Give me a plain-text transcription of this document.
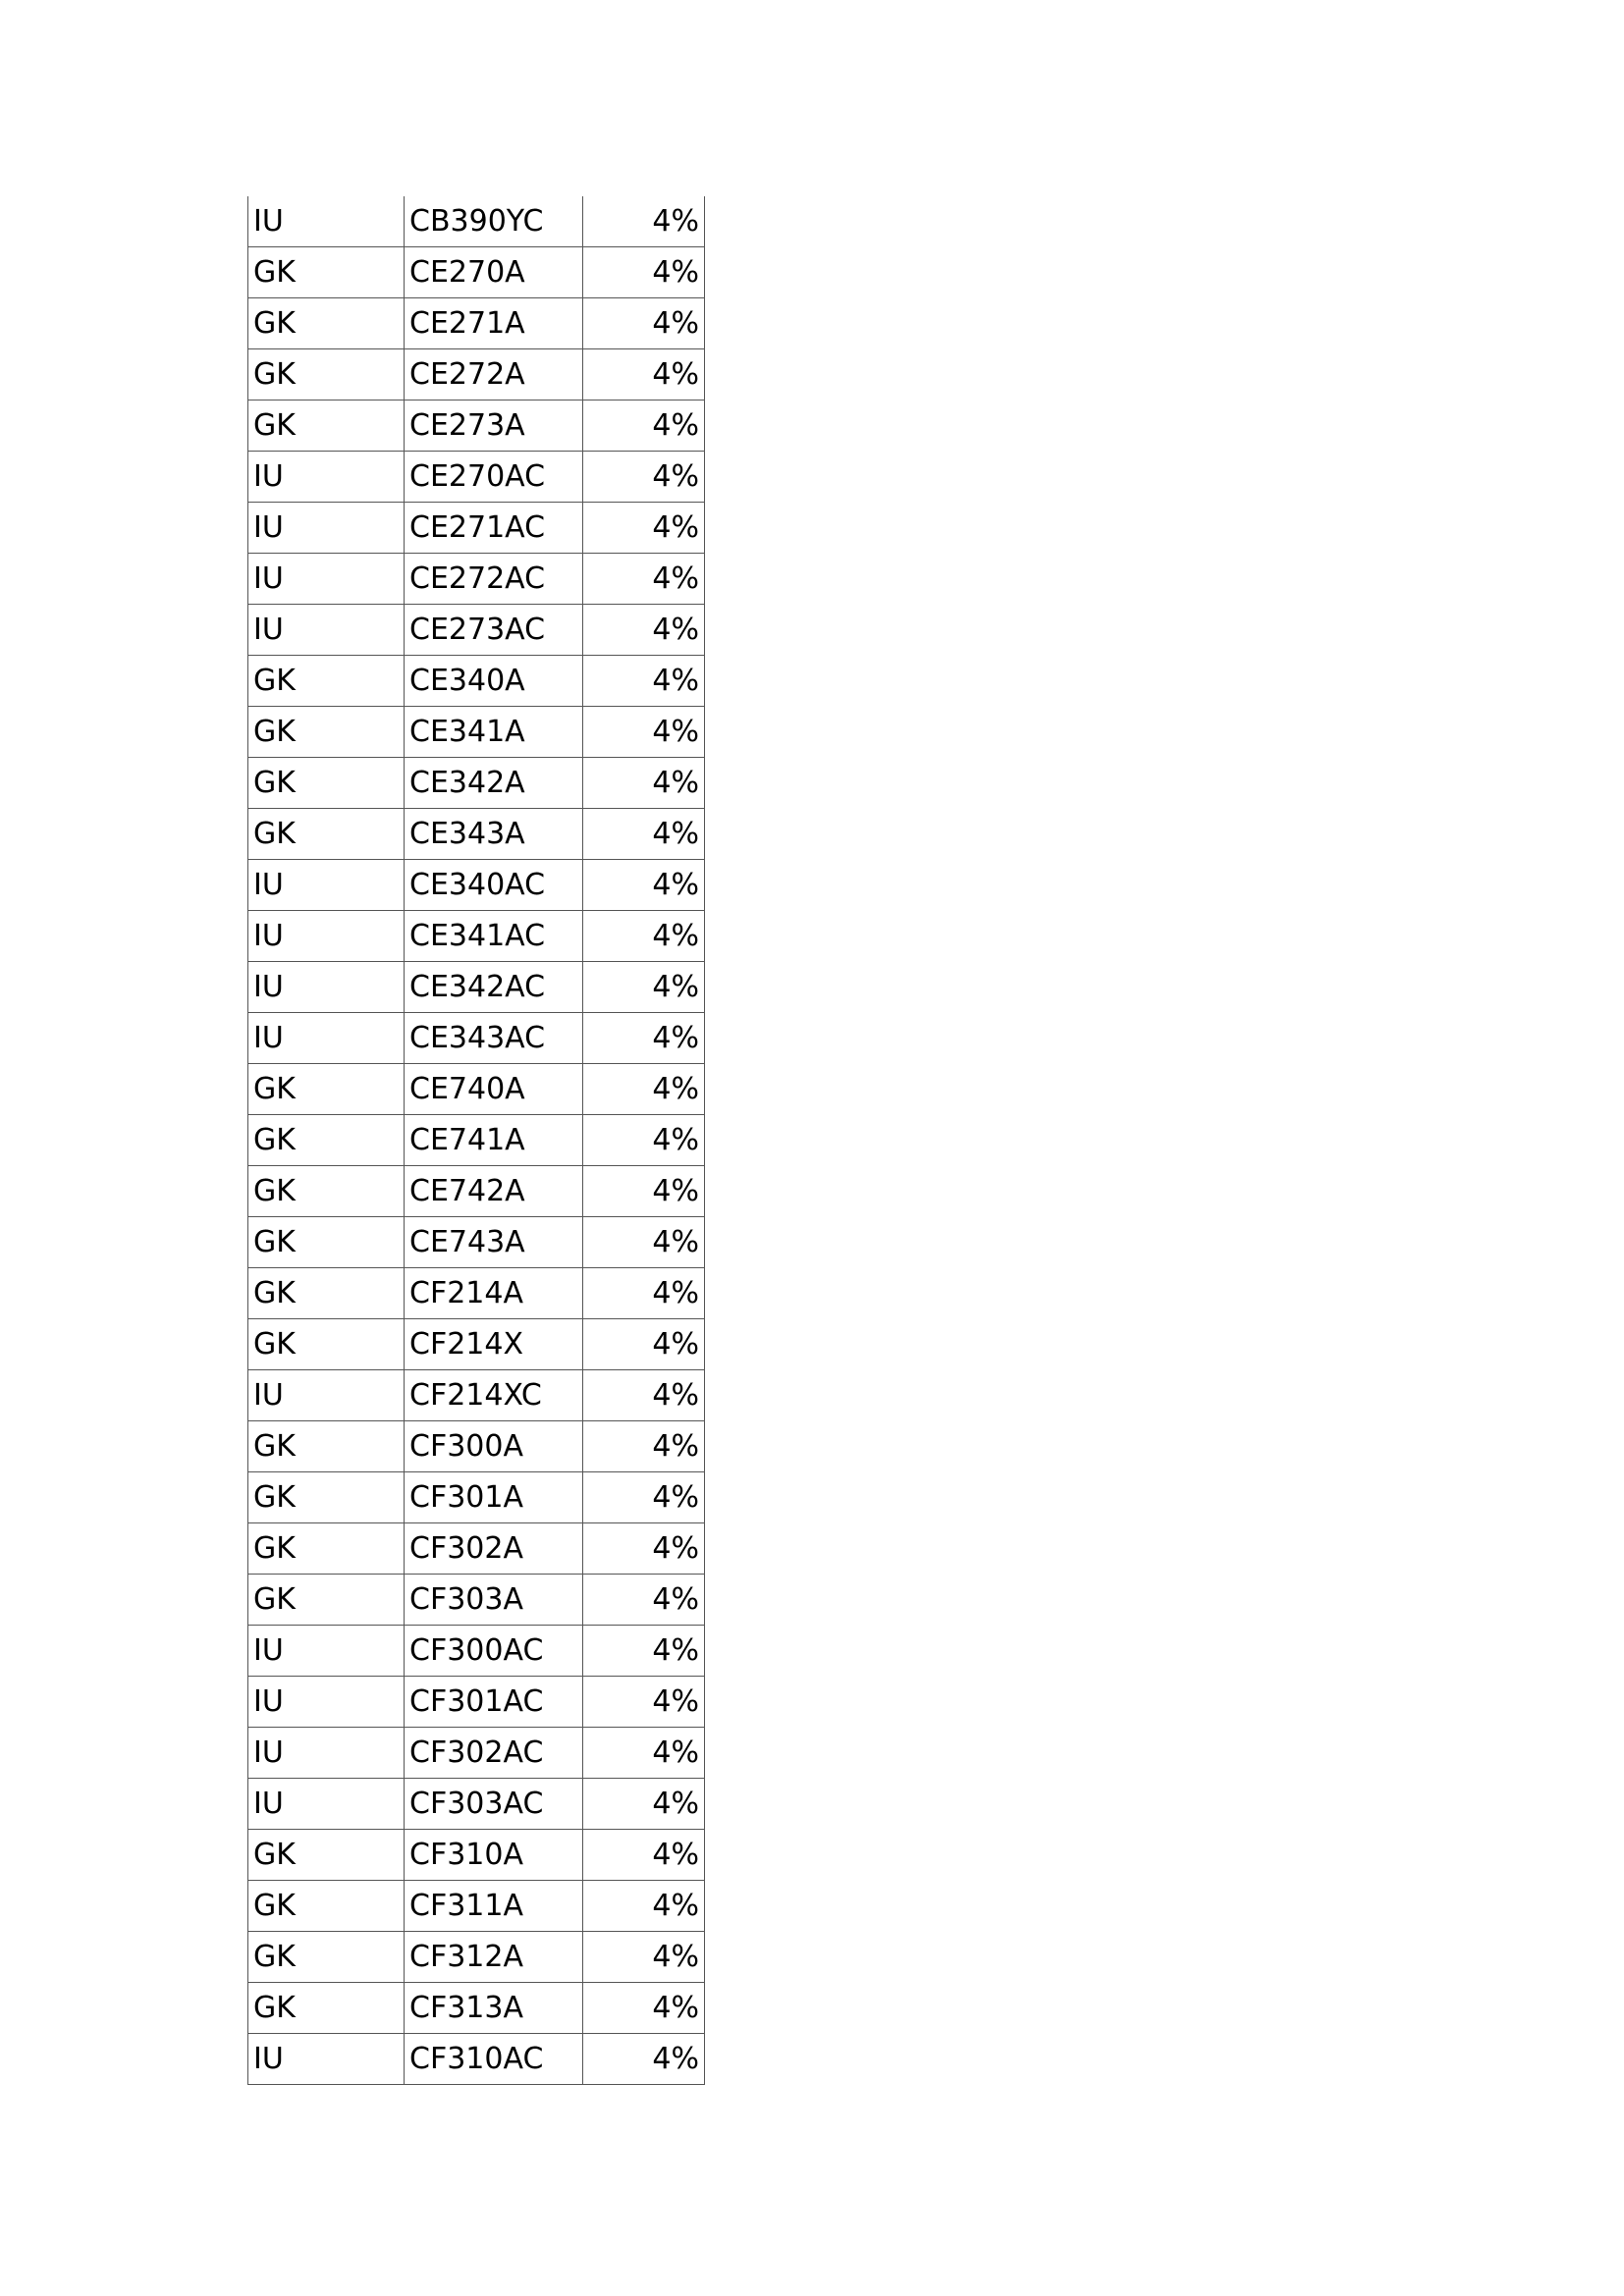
IU	CB390YC	4%
GK	CE270A	4%
GK	CE271A	4%
GK	CE272A	4%
GK	CE273A	4%
IU	CE270AC	4%
IU	CE271AC	4%
IU	CE272AC	4%
IU	CE273AC	4%
GK	CE340A	4%
GK	CE341A	4%
GK	CE342A	4%
GK	CE343A	4%
IU	CE340AC	4%
IU	CE341AC	4%
IU	CE342AC	4%
IU	CE343AC	4%
GK	CE740A	4%
GK	CE741A	4%
GK	CE742A	4%
GK	CE743A	4%
GK	CF214A	4%
GK	CF214X	4%
IU	CF214XC	4%
GK	CF300A	4%
GK	CF301A	4%
GK	CF302A	4%
GK	CF303A	4%
IU	CF300AC	4%
IU	CF301AC	4%
IU	CF302AC	4%
IU	CF303AC	4%
GK	CF310A	4%
GK	CF311A	4%
GK	CF312A	4%
GK	CF313A	4%
IU	CF310AC	4%
